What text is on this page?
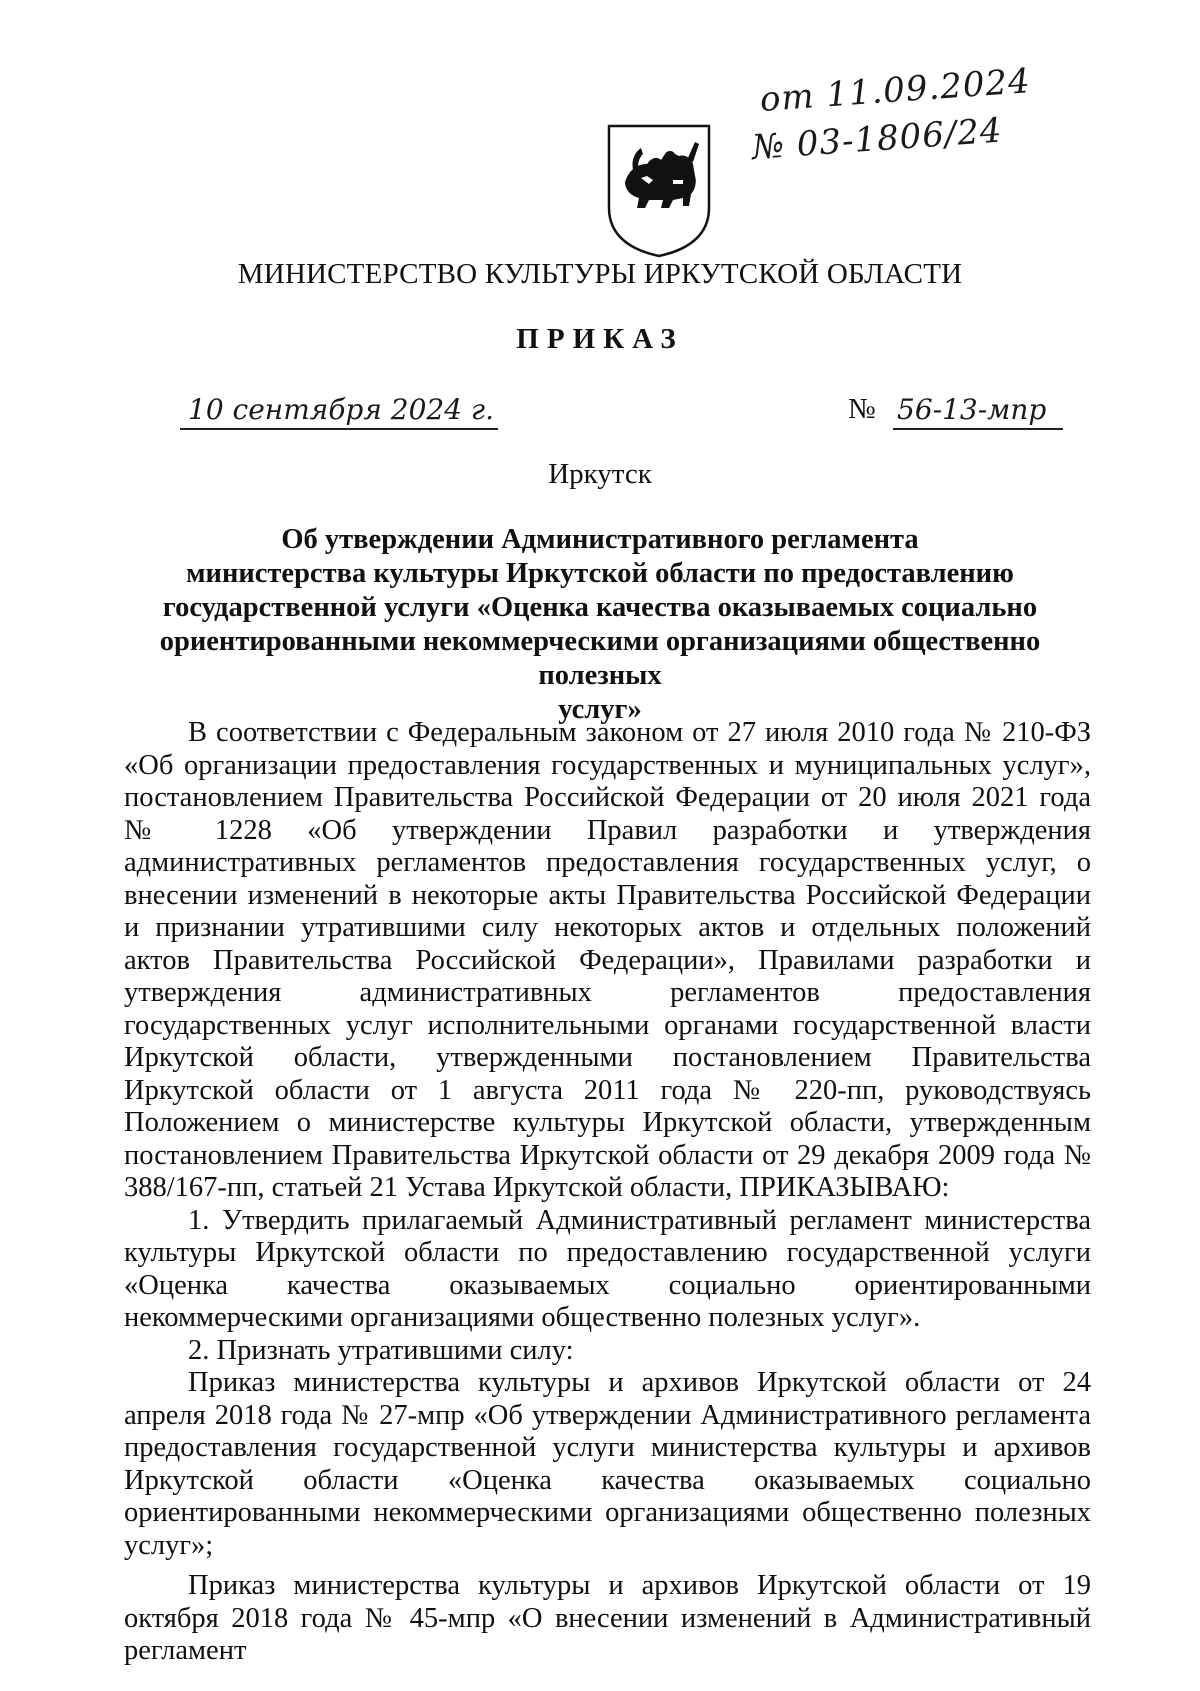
от 11.09.2024
№ 03-1806/24
МИНИСТЕРСТВО КУЛЬТУРЫ ИРКУТСКОЙ ОБЛАСТИ
ПРИКАЗ
10 сентября 2024 г.	№ 56-13-мпр
Иркутск
Об утверждении Административного регламента
министерства культуры Иркутской области по предоставлению
государственной услуги «Оценка качества оказываемых социально
ориентированными некоммерческими организациями общественно полезных
услуг»

В соответствии с Федеральным законом от 27 июля 2010 года № 210-ФЗ «Об организации предоставления государственных и муниципальных услуг», постановлением Правительства Российской Федерации от 20 июля 2021 года № 1228 «Об утверждении Правил разработки и утверждения административных регламентов предоставления государственных услуг, о внесении изменений в некоторые акты Правительства Российской Федерации и признании утратившими силу некоторых актов и отдельных положений актов Правительства Российской Федерации», Правилами разработки и утверждения административных регламентов предоставления государственных услуг исполнительными органами государственной власти Иркутской области, утвержденными постановлением Правительства Иркутской области от 1 августа 2011 года № 220-пп, руководствуясь Положением о министерстве культуры Иркутской области, утвержденным постановлением Правительства Иркутской области от 29 декабря 2009 года № 388/167-пп, статьей 21 Устава Иркутской области, ПРИКАЗЫВАЮ:

1. Утвердить прилагаемый Административный регламент министерства культуры Иркутской области по предоставлению государственной услуги «Оценка качества оказываемых социально ориентированными некоммерческими организациями общественно полезных услуг».

2. Признать утратившими силу:

Приказ министерства культуры и архивов Иркутской области от 24 апреля 2018 года № 27-мпр «Об утверждении Административного регламента предоставления государственной услуги министерства культуры и архивов Иркутской области «Оценка качества оказываемых социально ориентированными некоммерческими организациями общественно полезных услуг»;

Приказ министерства культуры и архивов Иркутской области от 19 октября 2018 года № 45-мпр «О внесении изменений в Административный регламент
